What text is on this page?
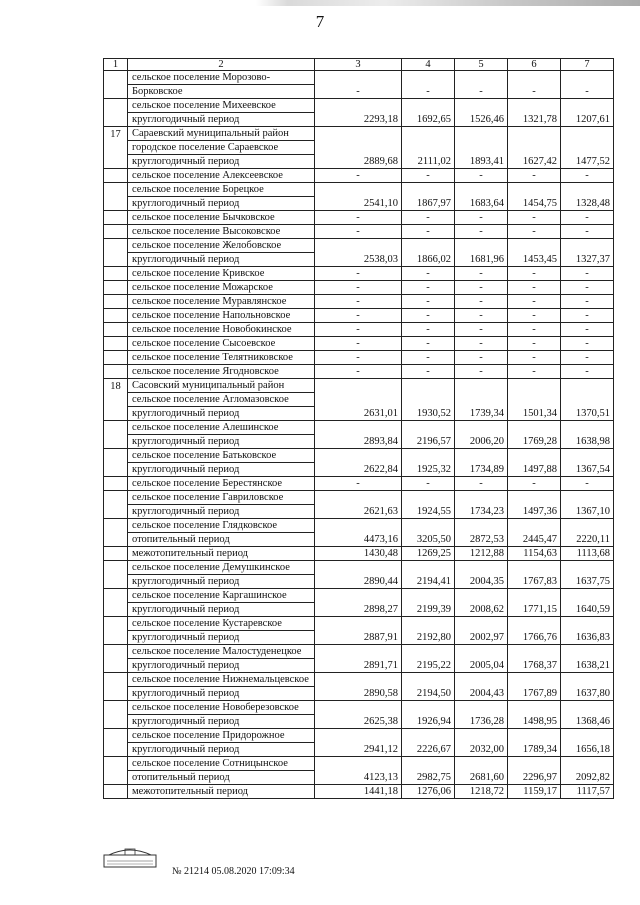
7
1	2	3	4	5	6	7
	сельское поселение Морозово-					
	Борковское	-	-	-	-	-
	сельское поселение Михеевское					
	круглогодичный период	2293,18	1692,65	1526,46	1321,78	1207,61
17	Сараевский муниципальный район					
	городское поселение Сараевское					
	круглогодичный период	2889,68	2111,02	1893,41	1627,42	1477,52
	сельское поселение Алексеевское	-	-	-	-	-
	сельское поселение Борецкое					
	круглогодичный период	2541,10	1867,97	1683,64	1454,75	1328,48
	сельское поселение Бычковское	-	-	-	-	-
	сельское поселение Высоковское	-	-	-	-	-
	сельское поселение Желобовское					
	круглогодичный период	2538,03	1866,02	1681,96	1453,45	1327,37
	сельское поселение Кривское	-	-	-	-	-
	сельское поселение Можарское	-	-	-	-	-
	сельское поселение Муравлянское	-	-	-	-	-
	сельское поселение Напольновское	-	-	-	-	-
	сельское поселение Новобокинское	-	-	-	-	-
	сельское поселение Сысоевское	-	-	-	-	-
	сельское поселение Телятниковское	-	-	-	-	-
	сельское поселение Ягодновское	-	-	-	-	-
18	Сасовский муниципальный район					
	сельское поселение Агломазовское					
	круглогодичный период	2631,01	1930,52	1739,34	1501,34	1370,51
	сельское поселение Алешинское					
	круглогодичный период	2893,84	2196,57	2006,20	1769,28	1638,98
	сельское поселение Батьковское					
	круглогодичный период	2622,84	1925,32	1734,89	1497,88	1367,54
	сельское поселение Берестянское	-	-	-	-	-
	сельское поселение Гавриловское					
	круглогодичный период	2621,63	1924,55	1734,23	1497,36	1367,10
	сельское поселение Глядковское					
	отопительный период	4473,16	3205,50	2872,53	2445,47	2220,11
	межотопительный период	1430,48	1269,25	1212,88	1154,63	1113,68
	сельское поселение Демушкинское					
	круглогодичный период	2890,44	2194,41	2004,35	1767,83	1637,75
	сельское поселение Каргашинское					
	круглогодичный период	2898,27	2199,39	2008,62	1771,15	1640,59
	сельское поселение Кустаревское					
	круглогодичный период	2887,91	2192,80	2002,97	1766,76	1636,83
	сельское поселение Малостуденецкое					
	круглогодичный период	2891,71	2195,22	2005,04	1768,37	1638,21
	сельское поселение Нижнемальцевское					
	круглогодичный период	2890,58	2194,50	2004,43	1767,89	1637,80
	сельское поселение Новоберезовское					
	круглогодичный период	2625,38	1926,94	1736,28	1498,95	1368,46
	сельское поселение Придорожное					
	круглогодичный период	2941,12	2226,67	2032,00	1789,34	1656,18
	сельское поселение Сотницынское					
	отопительный период	4123,13	2982,75	2681,60	2296,97	2092,82
	межотопительный период	1441,18	1276,06	1218,72	1159,17	1117,57
№ 21214 05.08.2020 17:09:34
